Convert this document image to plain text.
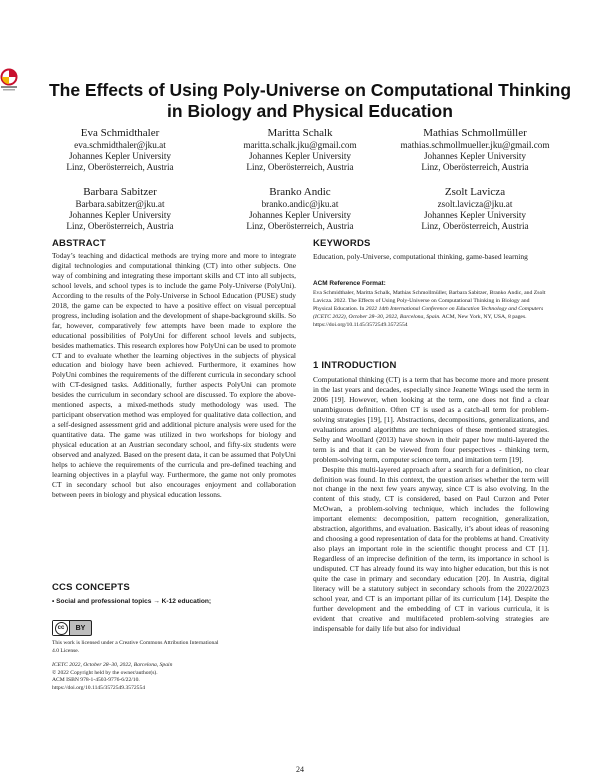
The Effects of Using Poly-Universe on Computational Thinking in Biology and Physical Education
Eva Schmidthaler
eva.schmidthaler@jku.at
Johannes Kepler University
Linz, Oberösterreich, Austria
Maritta Schalk
maritta.schalk.jku@gmail.com
Johannes Kepler University
Linz, Oberösterreich, Austria
Mathias Schmollmüller
mathias.schmollmueller.jku@gmail.com
Johannes Kepler University
Linz, Oberösterreich, Austria
Barbara Sabitzer
Barbara.sabitzer@jku.at
Johannes Kepler University
Linz, Oberösterreich, Austria
Branko Andic
branko.andic@jku.at
Johannes Kepler University
Linz, Oberösterreich, Austria
Zsolt Lavicza
zsolt.lavicza@jku.at
Johannes Kepler University
Linz, Oberösterreich, Austria
ABSTRACT

Today’s teaching and didactical methods are trying more and more to integrate digital technologies and computational thinking (CT) into other subjects. One way of combining and integrating these important skills and CT into all subjects, school levels, and school types is to include the game Poly-Universe (PolyUni). According to the results of the Poly-Universe in School Education (PUSE) study 2018, the game can be expected to have a positive effect on visual perceptual progress, including isolation and the development of shape-background skills. So far, however, comparatively few attempts have been made to explore the educational possibilities of PolyUni for different school levels and subjects, besides mathematics. This research explores how PolyUni can be used to promote CT and to evaluate whether the learning objectives in the subjects of physical education and biology have been achieved. Furthermore, it examines how PolyUni combines the requirements of the different curricula in secondary school with CT-designed tasks. Additionally, further aspects PolyUni can promote besides the curriculum in secondary school are discussed. To explore the above-mentioned aspects, a mixed-methods study methodology was used. The participant observation method was employed for qualitative data collection, and a self-designed assessment grid and additional picture analysis were used for the quantitative data. The game was utilized in two workshops for biology and physical education at an Austrian secondary school, and fifty-six students were observed and analyzed. Based on the present data, it can be assumed that PolyUni helps to achieve the requirements of the curricula and pre-defined teaching and learning objectives in a playful way. Furthermore, the game not only promotes CT in secondary school but also encourages enjoyment and collaboration between peers in biology and physical education lessons.

CCS CONCEPTS
• Social and professional topics → K-12 education;
cc	BY
This work is licensed under a Creative Commons Attribution International
4.0 License.
ICETC 2022, October 28–30, 2022, Barcelona, Spain
© 2022 Copyright held by the owner/author(s).
ACM ISBN 978-1-4503-9776-6/22/10.
https://doi.org/10.1145/3572549.3572554
KEYWORDS
Education, poly-Universe, computational thinking, game-based learning
ACM Reference Format:
Eva Schmidthaler, Maritta Schalk, Mathias Schmollmüller, Barbara Sabitzer, Branko Andic, and Zsolt Lavicza. 2022. The Effects of Using Poly-Universe on Computational Thinking in Biology and Physical Education. In 2022 14th International Conference on Education Technology and Computers (ICETC 2022), October 28–30, 2022, Barcelona, Spain. ACM, New York, NY, USA, 8 pages. https://doi.org/10.1145/3572549.3572554
1 INTRODUCTION

Computational thinking (CT) is a term that has become more and more present in the last years and decades, especially since Jeanette Wings used the term in 2006 [19]. However, when looking at the term, one does not find a clear unambiguous definition. Often CT is used as a catch-all term for problem-solving strategies [19], [1]. Abstractions, decompositions, generalizations, and evaluations around algorithms are techniques of these mentioned strategies. Selby and Woollard (2013) have shown in their paper how multi-layered the term is and that it can be viewed from four perspectives - thinking term, problem-solving term, computer science term, and imitation term [19].

Despite this multi-layered approach after a search for a definition, no clear definition was found. In this context, the question arises whether the term will not change in the next few years anyway, since CT is also evolving. In the content of this study, CT is considered, based on Paul Curzon and Peter McOwan, a problem-solving technique, which includes the following important elements: decomposition, pattern recognition, generalization, abstraction, algorithms, and evaluation. Basically, it’s about ideas of reasoning and choosing a good representation of data for the problems at hand. Creativity also plays an important role in the scientific thought process and CT [1]. Regardless of an imprecise definition of the term, its importance in school is undisputed. CT has already found its way into higher education, but this is not quite the case in primary and secondary education [20]. In Austria, digital literacy will be a statutory subject in secondary schools from the 2022/2023 school year, and CT is an important pillar of its curriculum [14]. Despite the further development and the embedding of CT in various curricula, it is evident that creative and multifaceted problem-solving strategies are indispensable for daily life but also for individual

24
